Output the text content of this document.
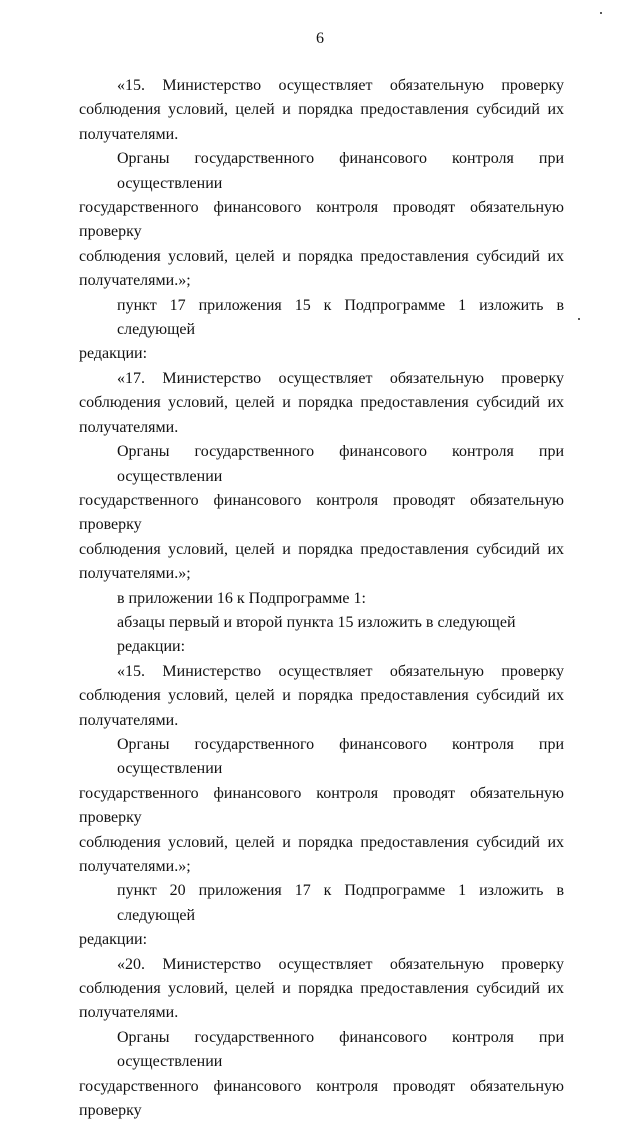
6

«15. Министерство осуществляет обязательную проверку
соблюдения условий, целей и порядка предоставления субсидий их
получателями.

Органы государственного финансового контроля при осуществлении
государственного финансового контроля проводят обязательную проверку
соблюдения условий, целей и порядка предоставления субсидий их
получателями.»;

пункт 17 приложения 15 к Подпрограмме 1 изложить в следующей
редакции:

«17. Министерство осуществляет обязательную проверку
соблюдения условий, целей и порядка предоставления субсидий их
получателями.

Органы государственного финансового контроля при осуществлении
государственного финансового контроля проводят обязательную проверку
соблюдения условий, целей и порядка предоставления субсидий их
получателями.»;

в приложении 16 к Подпрограмме 1:

абзацы первый и второй пункта 15 изложить в следующей редакции:

«15. Министерство осуществляет обязательную проверку
соблюдения условий, целей и порядка предоставления субсидий их
получателями.

Органы государственного финансового контроля при осуществлении
государственного финансового контроля проводят обязательную проверку
соблюдения условий, целей и порядка предоставления субсидий их
получателями.»;

пункт 20 приложения 17 к Подпрограмме 1 изложить в следующей
редакции:

«20. Министерство осуществляет обязательную проверку
соблюдения условий, целей и порядка предоставления субсидий их
получателями.

Органы государственного финансового контроля при осуществлении
государственного финансового контроля проводят обязательную проверку
